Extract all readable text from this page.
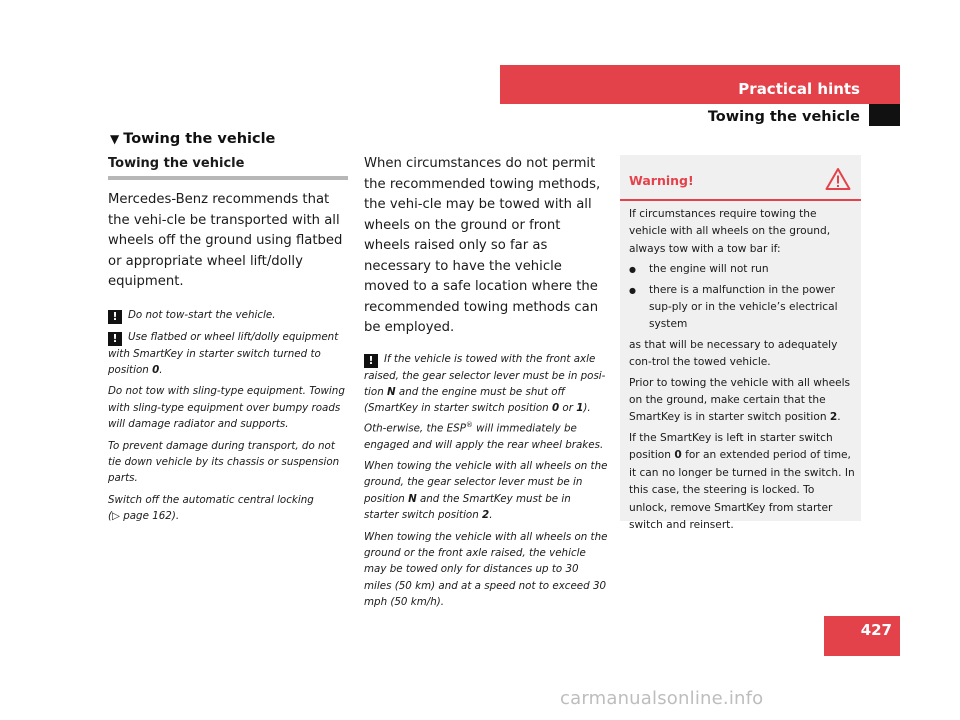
Practical hints
Towing the vehicle
▼ Towing the vehicle
Towing the vehicle
Mercedes-Benz recommends that the vehi-cle be transported with all wheels off the ground using flatbed or appropriate wheel lift/dolly equipment.

! Do not tow-start the vehicle.

! Use flatbed or wheel lift/dolly equipment with SmartKey in starter switch turned to position 0.

Do not tow with sling-type equipment. Towing with sling-type equipment over bumpy roads will damage radiator and supports.

To prevent damage during transport, do not tie down vehicle by its chassis or suspension parts.

Switch off the automatic central locking
(▷ page 162).

When circumstances do not permit the recommended towing methods, the vehi-cle may be towed with all wheels on the ground or front wheels raised only so far as necessary to have the vehicle moved to a safe location where the recommended towing methods can be employed.

! If the vehicle is towed with the front axle raised, the gear selector lever must be in posi-tion N and the engine must be shut off (SmartKey in starter switch position 0 or 1). Oth-erwise, the ESP® will immediately be engaged and will apply the rear wheel brakes.

When towing the vehicle with all wheels on the ground, the gear selector lever must be in position N and the SmartKey must be in starter switch position 2.

When towing the vehicle with all wheels on the ground or the front axle raised, the vehicle may be towed only for distances up to 30 miles (50 km) and at a speed not to exceed 30 mph (50 km/h).

Warning!

If circumstances require towing the vehicle with all wheels on the ground, always tow with a tow bar if:

●	the engine will not run
●	there is a malfunction in the power sup-ply or in the vehicle’s electrical system

as that will be necessary to adequately con-trol the towed vehicle.

Prior to towing the vehicle with all wheels on the ground, make certain that the SmartKey is in starter switch position 2.

If the SmartKey is left in starter switch position 0 for an extended period of time, it can no longer be turned in the switch. In this case, the steering is locked. To unlock, remove SmartKey from starter switch and reinsert.

427
carmanualsonline.info
